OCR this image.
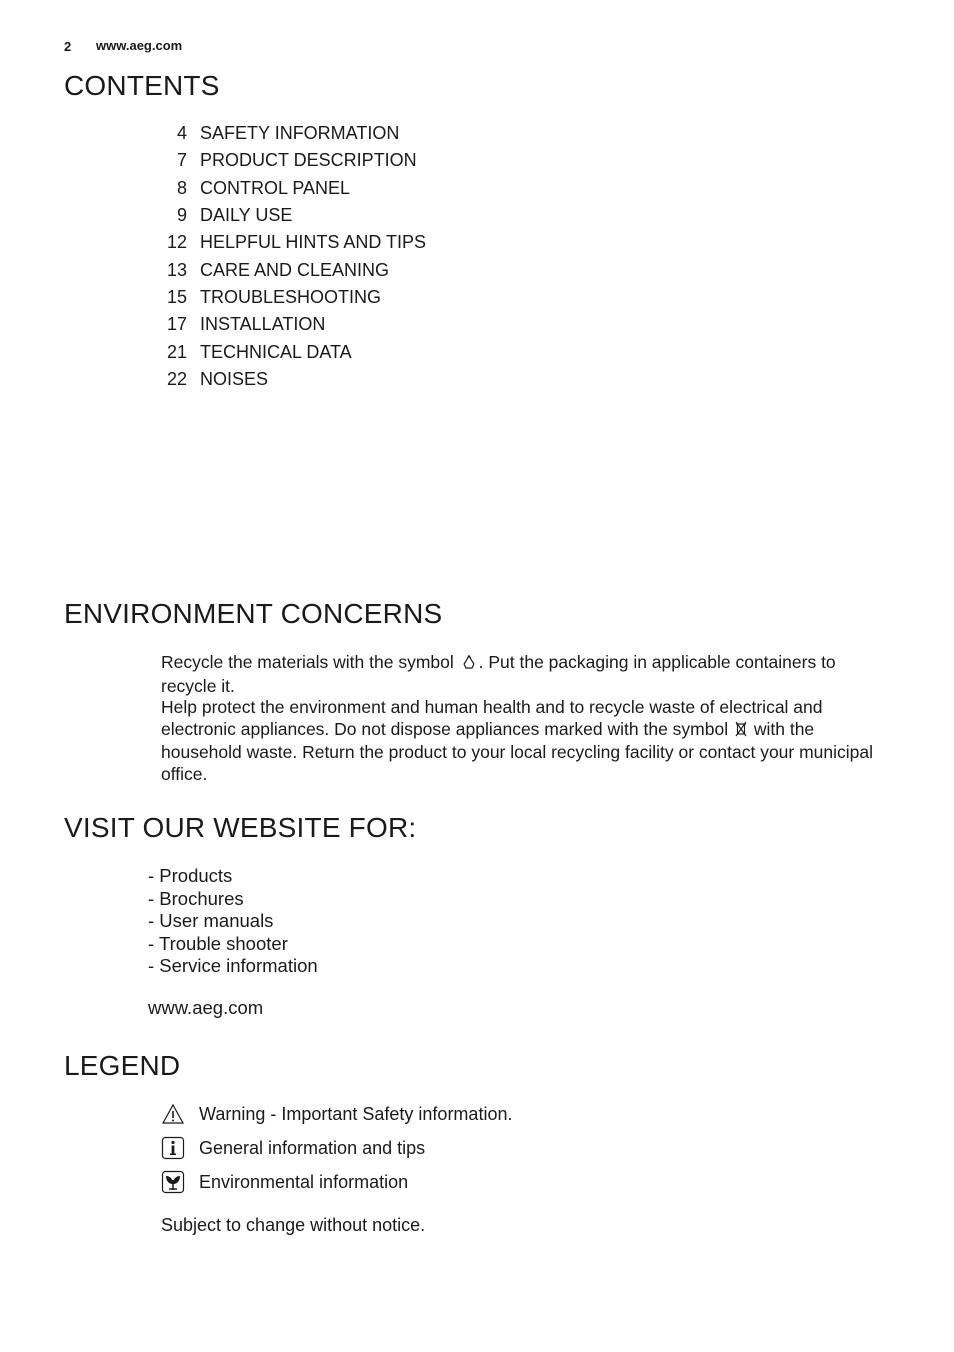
2 www.aeg.com
CONTENTS
4 SAFETY INFORMATION
7 PRODUCT DESCRIPTION
8 CONTROL PANEL
9 DAILY USE
12 HELPFUL HINTS AND TIPS
13 CARE AND CLEANING
15 TROUBLESHOOTING
17 INSTALLATION
21 TECHNICAL DATA
22 NOISES
ENVIRONMENT CONCERNS
Recycle the materials with the symbol . Put the packaging in applicable containers to recycle it.
Help protect the environment and human health and to recycle waste of electrical and electronic appliances. Do not dispose appliances marked with the symbol with the household waste. Return the product to your local recycling facility or contact your municipal office.
VISIT OUR WEBSITE FOR:
- Products
- Brochures
- User manuals
- Trouble shooter
- Service information
www.aeg.com
LEGEND
Warning - Important Safety information.
General information and tips
Environmental information
Subject to change without notice.
